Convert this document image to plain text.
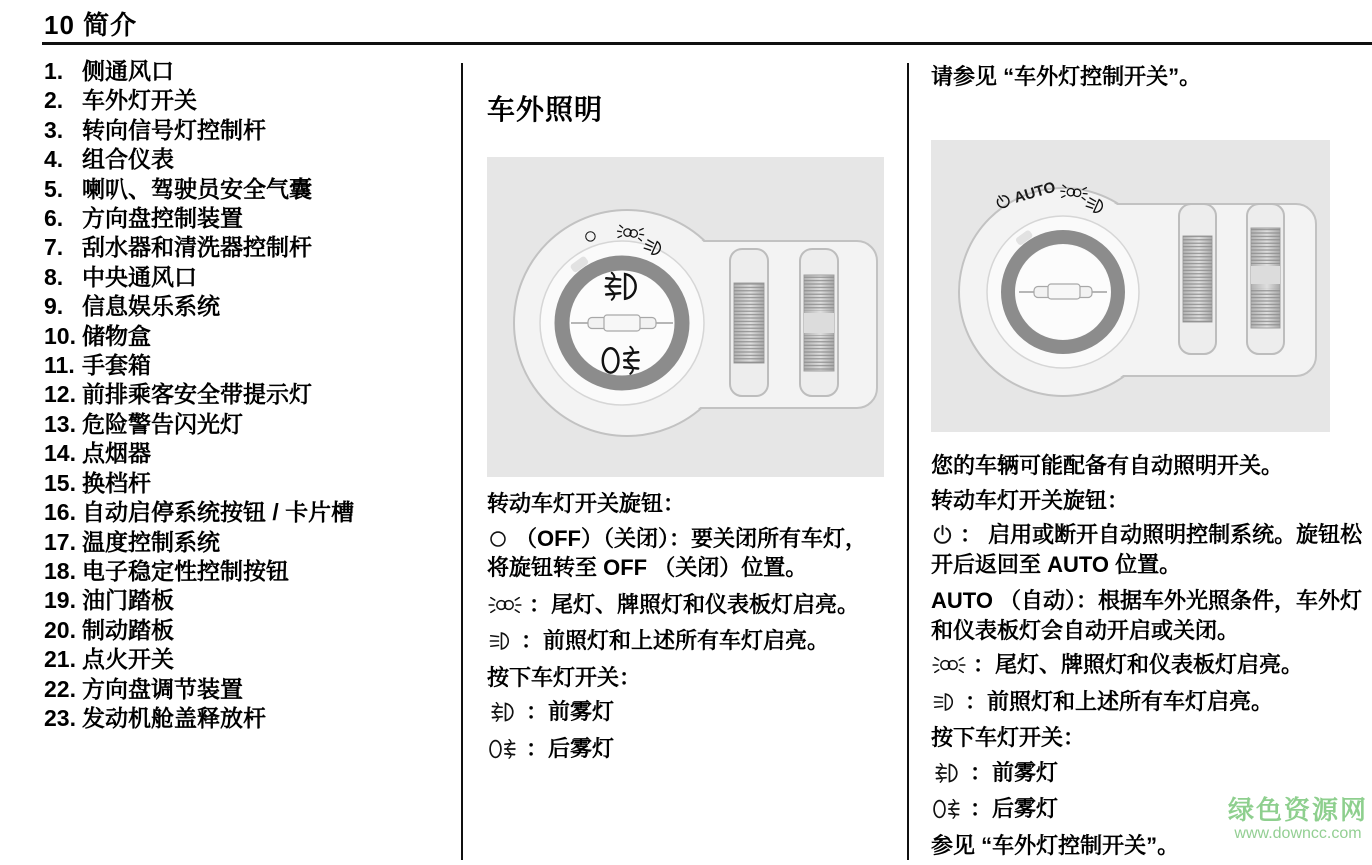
10 简介
1. 侧通风口
2. 车外灯开关
3. 转向信号灯控制杆
4. 组合仪表
5. 喇叭、驾驶员安全气囊
6. 方向盘控制装置
7. 刮水器和清洗器控制杆
8. 中央通风口
9. 信息娱乐系统
10. 储物盒
11. 手套箱
12. 前排乘客安全带提示灯
13. 危险警告闪光灯
14. 点烟器
15. 换档杆
16. 自动启停系统按钮 / 卡片槽
17. 温度控制系统
18. 电子稳定性控制按钮
19. 油门踏板
20. 制动踏板
21. 点火开关
22. 方向盘调节装置
23. 发动机舱盖释放杆
车外照明

转动车灯开关旋钮：

（OFF）（关闭）：要关闭所有车灯，将旋钮转至 OFF （关闭）位置。

：尾灯、牌照灯和仪表板灯启亮。

：前照灯和上述所有车灯启亮。

按下车灯开关：

：前雾灯

：后雾灯

请参见 “车外灯控制开关”。
AUTO

您的车辆可能配备有自动照明开关。

转动车灯开关旋钮：

： 启用或断开自动照明控制系统。旋钮松开后返回至 AUTO 位置。

AUTO （自动）：根据车外光照条件，车外灯和仪表板灯会自动开启或关闭。

：尾灯、牌照灯和仪表板灯启亮。

：前照灯和上述所有车灯启亮。

按下车灯开关：

：前雾灯

：后雾灯

参见 “车外灯控制开关”。

绿色资源网
www.downcc.com
